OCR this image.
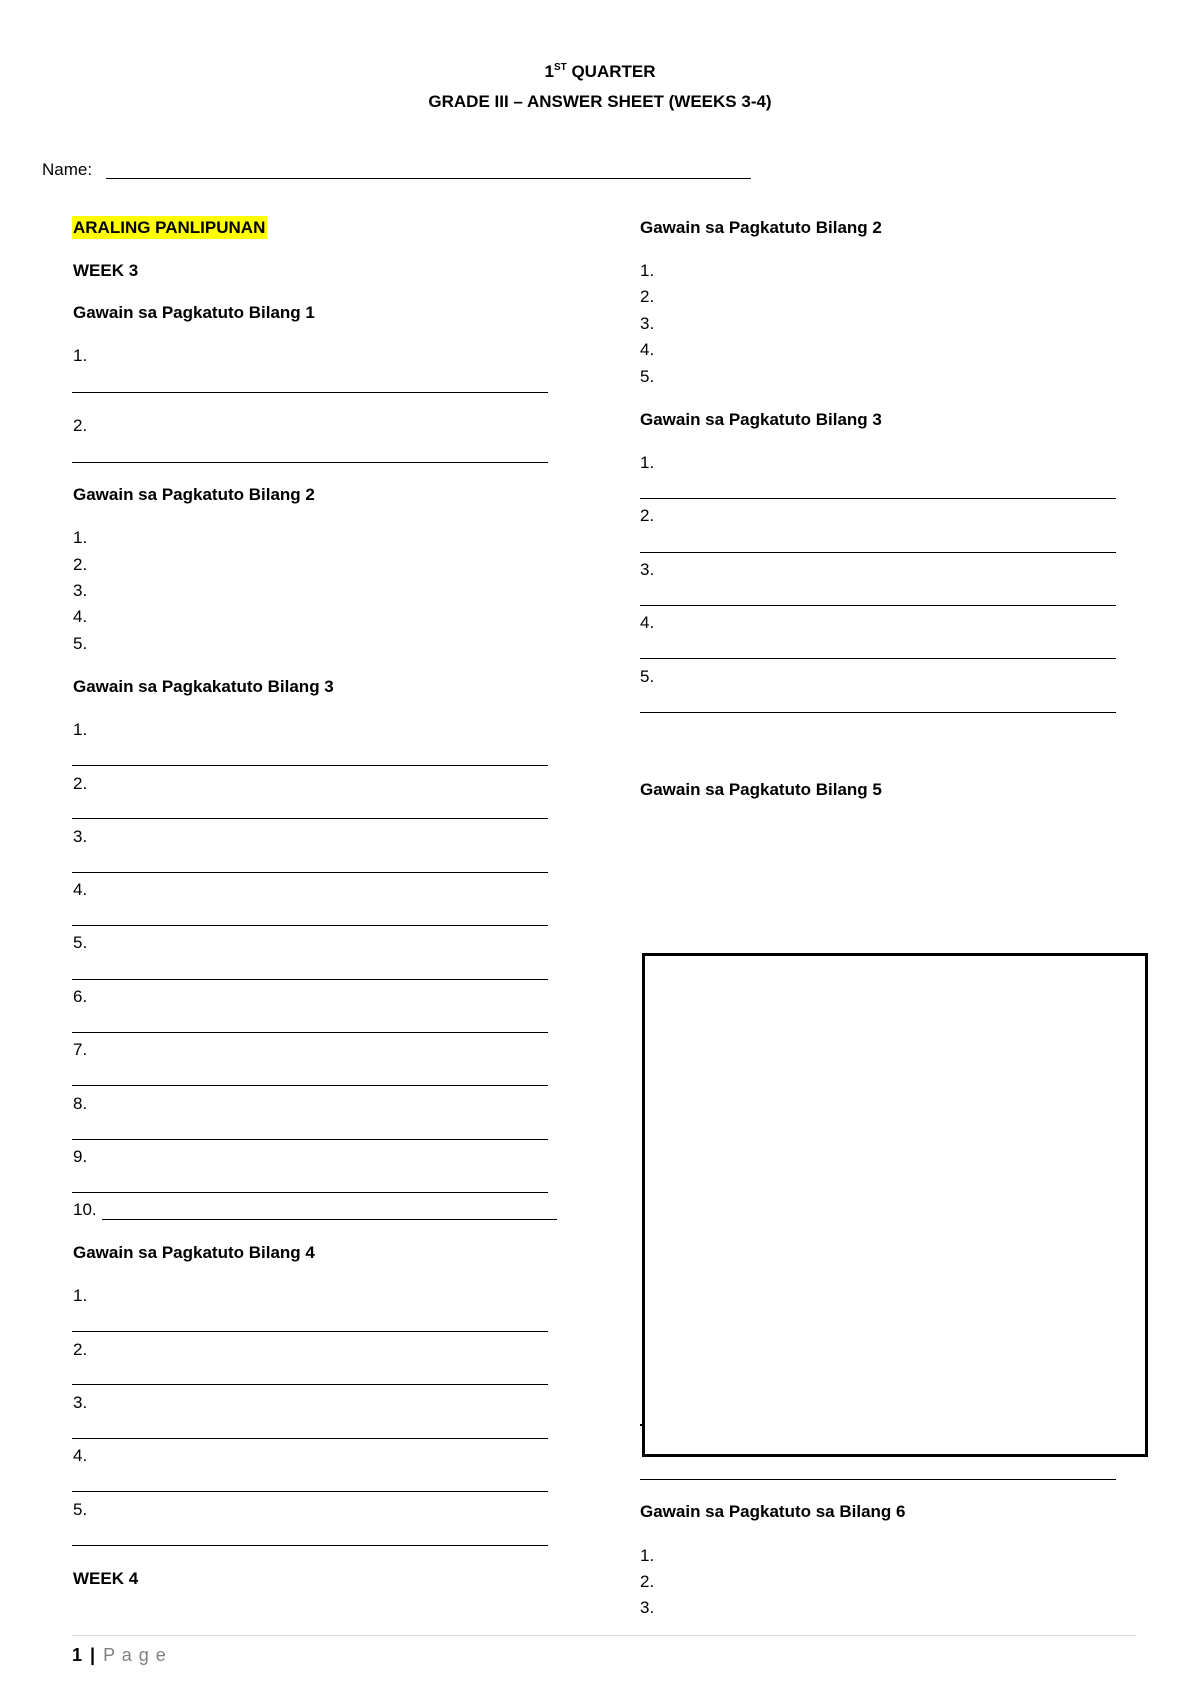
1ST QUARTER
GRADE III – ANSWER SHEET (WEEKS 3-4)
Name:
ARALING PANLIPUNAN
WEEK 3
Gawain sa Pagkatuto Bilang 1
1.
2.
Gawain sa Pagkatuto Bilang 2
1.
2.
3.
4.
5.
Gawain sa Pagkakatuto Bilang 3
1.
2.
3.
4.
5.
6.
7.
8.
9.
10.
Gawain sa Pagkatuto Bilang 4
1.
2.
3.
4.
5.
WEEK 4
Gawain sa Pagkatuto Bilang 2
1.
2.
3.
4.
5.
Gawain sa Pagkatuto Bilang 3
1.
2.
3.
4.
5.
Gawain sa Pagkatuto Bilang 5
Gawain sa Pagkatuto sa Bilang 6
1.
2.
3.
1 | P a g e
